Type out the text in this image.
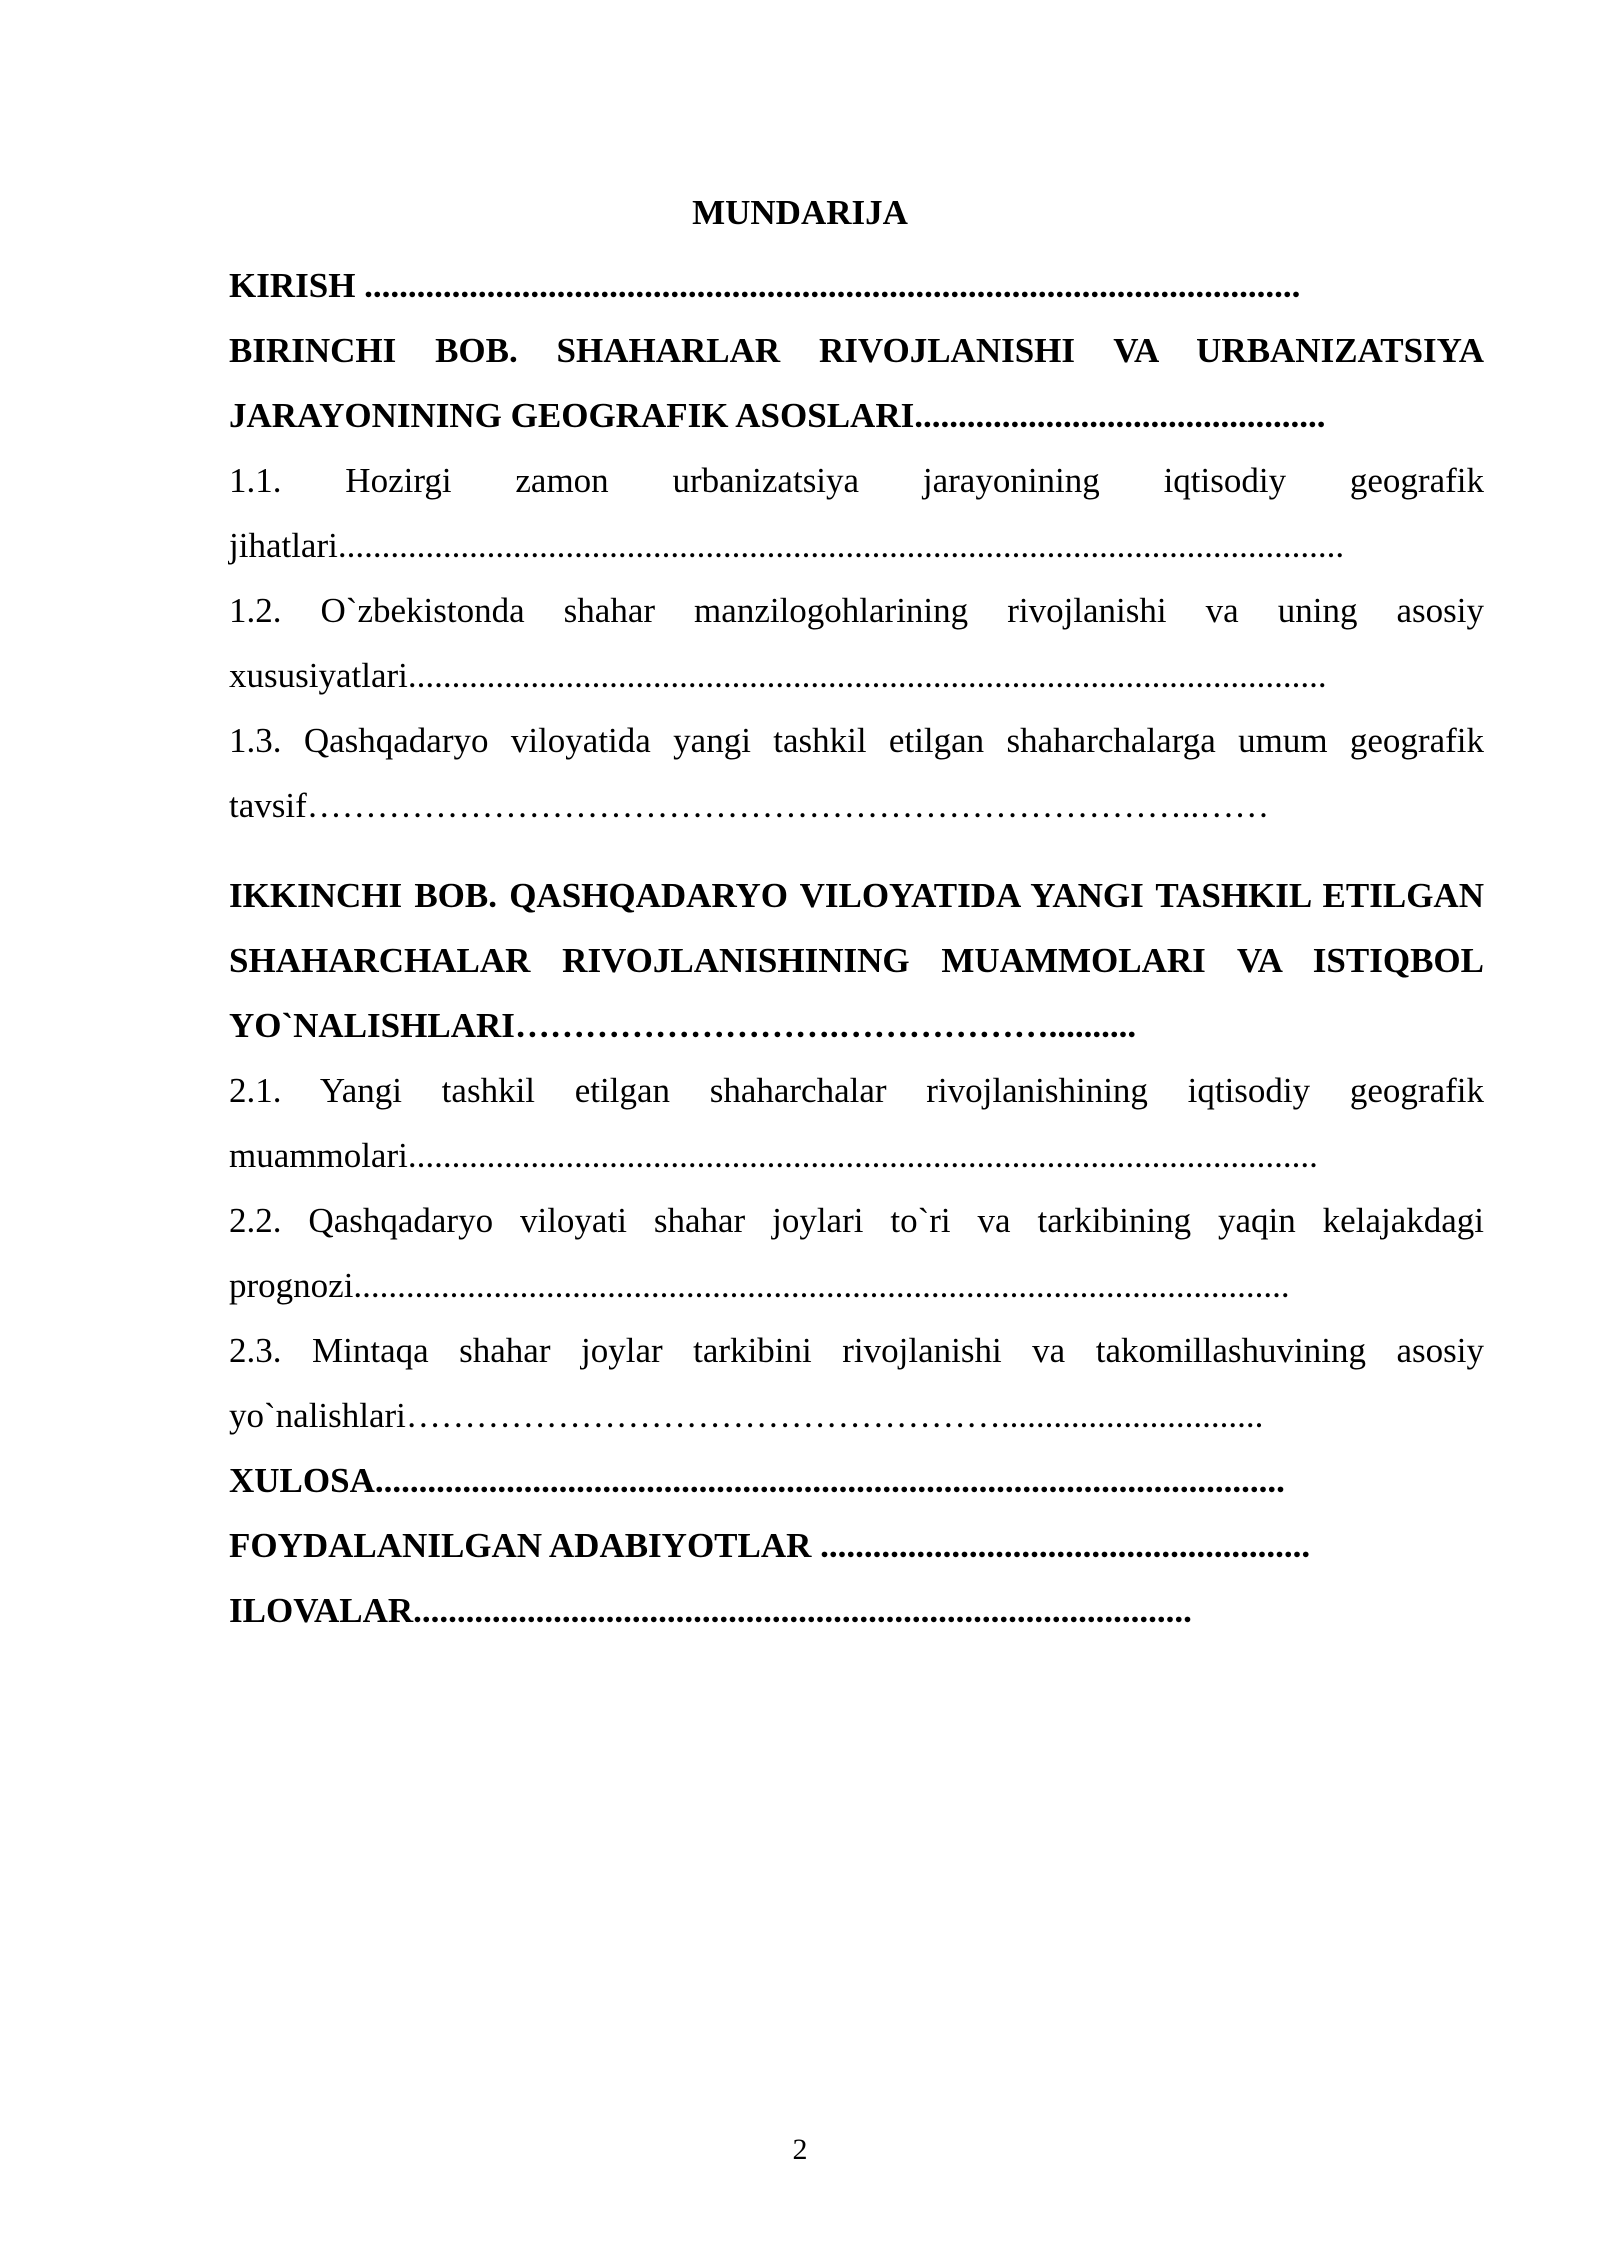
MUNDARIJA

KIRISH ...........................................................................................................

BIRINCHI BOB. SHAHARLAR RIVOJLANISHI VA URBANIZATSIYA JARAYONINING GEOGRAFIK ASOSLARI...............................................

1.1. Hozirgi zamon urbanizatsiya jarayonining iqtisodiy geografik jihatlari...................................................................................................................

1.2. O`zbekistonda shahar manzilogohlarining rivojlanishi va uning asosiy xususiyatlari.........................................................................................................

1.3. Qashqadaryo viloyatida yangi tashkil etilgan shaharchalarga umum geografik tavsif…………………………………………………………………..……

IKKINCHI BOB. QASHQADARYO VILOYATIDA YANGI TASHKIL ETILGAN SHAHARCHALAR RIVOJLANISHINING MUAMMOLARI VA ISTIQBOL YO`NALISHLARI……………………….………………..........

2.1. Yangi tashkil etilgan shaharchalar rivojlanishining iqtisodiy geografik muammolari........................................................................................................

2.2. Qashqadaryo viloyati shahar joylari to`ri va tarkibining yaqin kelajakdagi prognozi...........................................................................................................

2.3. Mintaqa shahar joylar tarkibini rivojlanishi va takomillashuvining asosiy yo`nalishlari……………………………………………..............................

XULOSA........................................................................................................

FOYDALANILGAN ADABIYOTLAR ........................................................

ILOVALAR.........................................................................................

2
